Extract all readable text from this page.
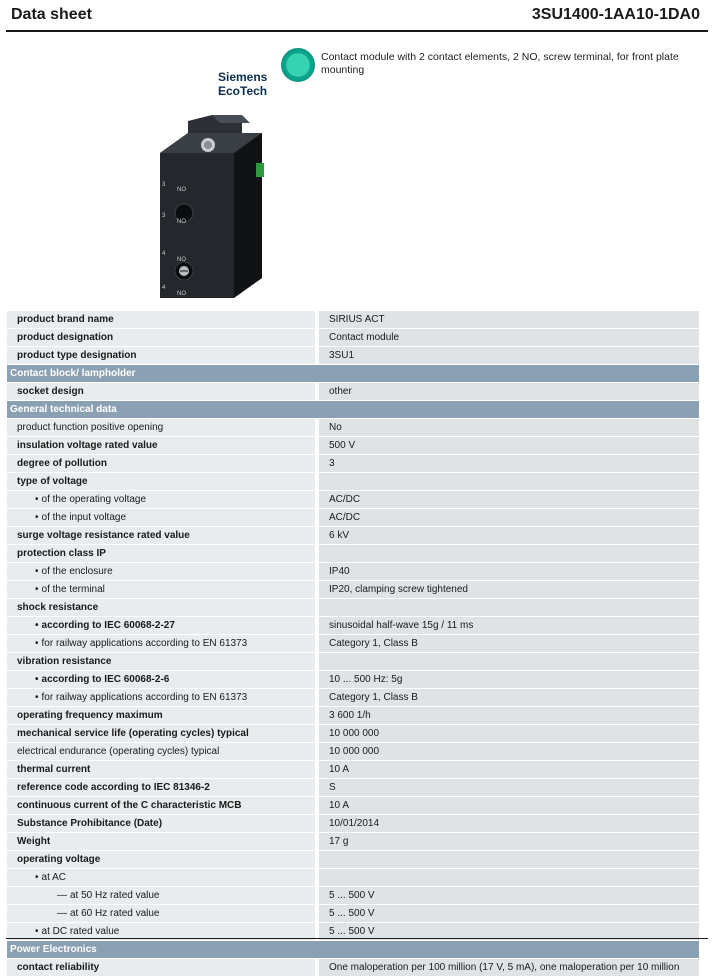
Data sheet	3SU1400-1AA10-1DA0
Siemens
EcoTech
Contact module with 2 contact elements, 2 NO, screw terminal, for front plate mounting
3
NO
3
NO
4
NO
4
NO
product brand name	SIRIUS ACT
product designation	Contact module
product type designation	3SU1
Contact block/ lampholder
socket design	other
General technical data
product function positive opening	No
insulation voltage rated value	500 V
degree of pollution	3
type of voltage
• of the operating voltage	AC/DC
• of the input voltage	AC/DC
surge voltage resistance rated value	6 kV
protection class IP
• of the enclosure	IP40
• of the terminal	IP20, clamping screw tightened
shock resistance
• according to IEC 60068-2-27	sinusoidal half-wave 15g / 11 ms
• for railway applications according to EN 61373	Category 1, Class B
vibration resistance
• according to IEC 60068-2-6	10 ... 500 Hz: 5g
• for railway applications according to EN 61373	Category 1, Class B
operating frequency maximum	3 600 1/h
mechanical service life (operating cycles) typical	10 000 000
electrical endurance (operating cycles) typical	10 000 000
thermal current	10 A
reference code according to IEC 81346-2	S
continuous current of the C characteristic MCB	10 A
Substance Prohibitance (Date)	10/01/2014
Weight	17 g
operating voltage
• at AC
— at 50 Hz rated value	5 ... 500 V
— at 60 Hz rated value	5 ... 500 V
• at DC rated value	5 ... 500 V
Power Electronics
contact reliability	One maloperation per 100 million (17 V, 5 mA), one maloperation per 10 million
